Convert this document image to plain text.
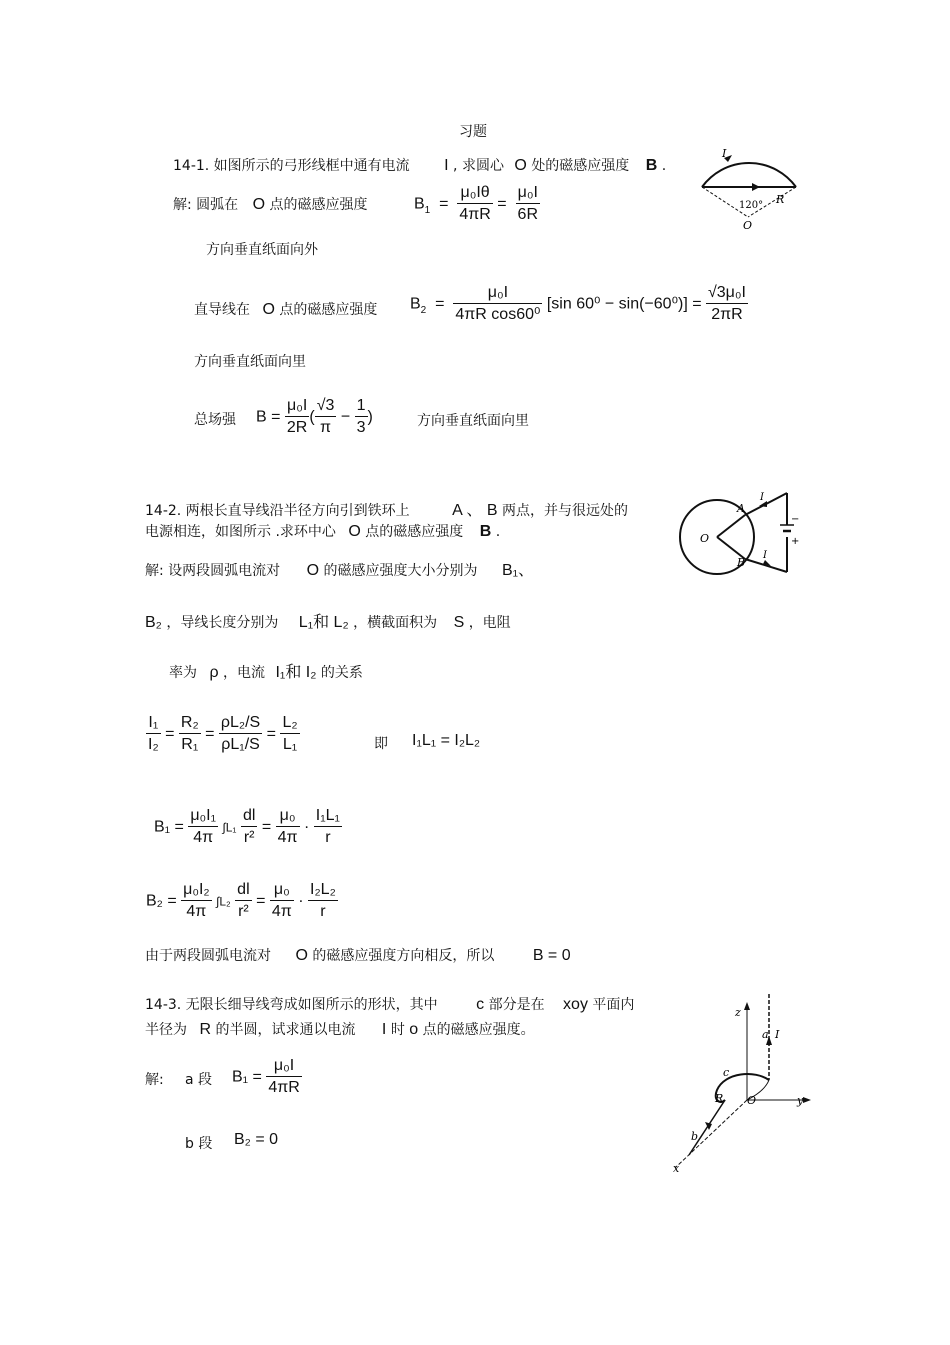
习题
14-1. 如图所示的弓形线框中通有电流 I , 求圆心 O 处的磁感应强度 B .
解: 圆弧在 O 点的磁感应强度	$B_1 = \frac{\text{μ₀Iθ}}{4\pi R} = \frac{\text{μ₀I}}{6R}$
方向垂直纸面向外
直导线在 O 点的磁感应强度 $B_2 = \frac{\text{μ₀I}}{\text{4πR cos60⁰}} [\sin$ $60^0 - \sin(-60^0)] = \frac{\text{√3μ₀I}}{2\pi R}$
方向垂直纸面向里
总场强 $B = \frac{\text{μ₀I}}{2R}$ ( $\frac{√3}{\pi} - \frac{1}{3}$ )	方向垂直纸面向里
I
120° R
O
14-2. 两根长直导线沿半径方向引到铁环上	A 、 B 两点，并与很远处的
电源相连，如图所示 .求环中心 O 点的磁感应强度 B .
解: 设两段圆弧电流对 O 的磁感应强度大小分别为 B₁、
B₂ ，导线长度分别为 L₁和 L₂ ，横截面积为 S ，电阻
率为 ρ ，电流 I₁和 I₂ 的关系
$\frac{\text{I₁}}{\text{I₂}} = \frac{\text{R₂}}{\text{R₁}} = \frac{\text{ρL₂/S}}{\text{ρL₁/S}} = \frac{\text{L₂}}{\text{L₁}}$	即 I₁L₁ = I₂L₂
$B_1 = \frac{\text{μ₀I₁}}{4\pi} \int L_1 \frac{dl}{\text{r²}} = \frac{\text{μ₀}}{4\pi} \cdot \frac{\text{I₁L₁}}{r}$
$B_2 = \frac{\text{μ₀I₂}}{4\pi} \int L_2 \frac{dl}{\text{r²}} = \frac{\text{μ₀}}{4\pi} \cdot \frac{\text{I₂L₂}}{r}$
由于两段圆弧电流对 O 的磁感应强度方向相反，所以 B = 0
I
I
A
B
O
−
+
14-3. 无限长细导线弯成如图所示的形状，其中 c 部分是在 xoy 平面内
半径为 R 的半圆，试求通以电流 I 时 o 点的磁感应强度。
解: a 段 $B_1 = \frac{\text{μ₀I}}{4\pi R}$
b 段 B₂ = 0
z
a I
c
R O	y
b
x
